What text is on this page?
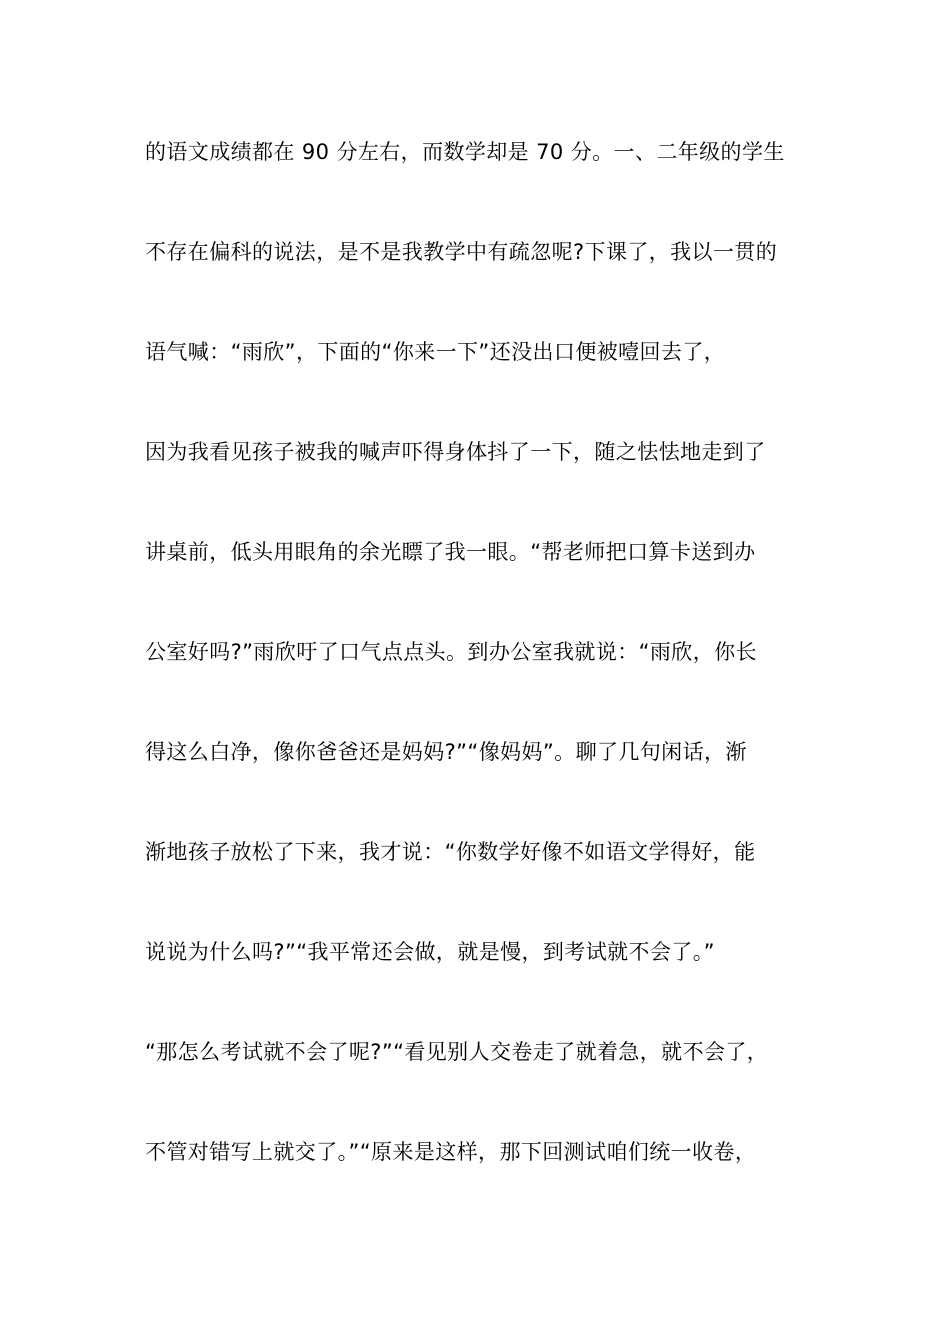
的语文成绩都在 90 分左右，而数学却是 70 分。一、二年级的学生
不存在偏科的说法，是不是我教学中有疏忽呢?下课了，我以一贯的
语气喊：“雨欣”，下面的“你来一下”还没出口便被噎回去了，
因为我看见孩子被我的喊声吓得身体抖了一下，随之怯怯地走到了
讲桌前，低头用眼角的余光瞟了我一眼。“帮老师把口算卡送到办
公室好吗?”雨欣吁了口气点点头。到办公室我就说：“雨欣，你长
得这么白净，像你爸爸还是妈妈?”“像妈妈”。聊了几句闲话，渐
渐地孩子放松了下来，我才说：“你数学好像不如语文学得好，能
说说为什么吗?”“我平常还会做，就是慢，到考试就不会了。”
“那怎么考试就不会了呢?”“看见别人交卷走了就着急，就不会了，
不管对错写上就交了。”“原来是这样，那下回测试咱们统一收卷，
